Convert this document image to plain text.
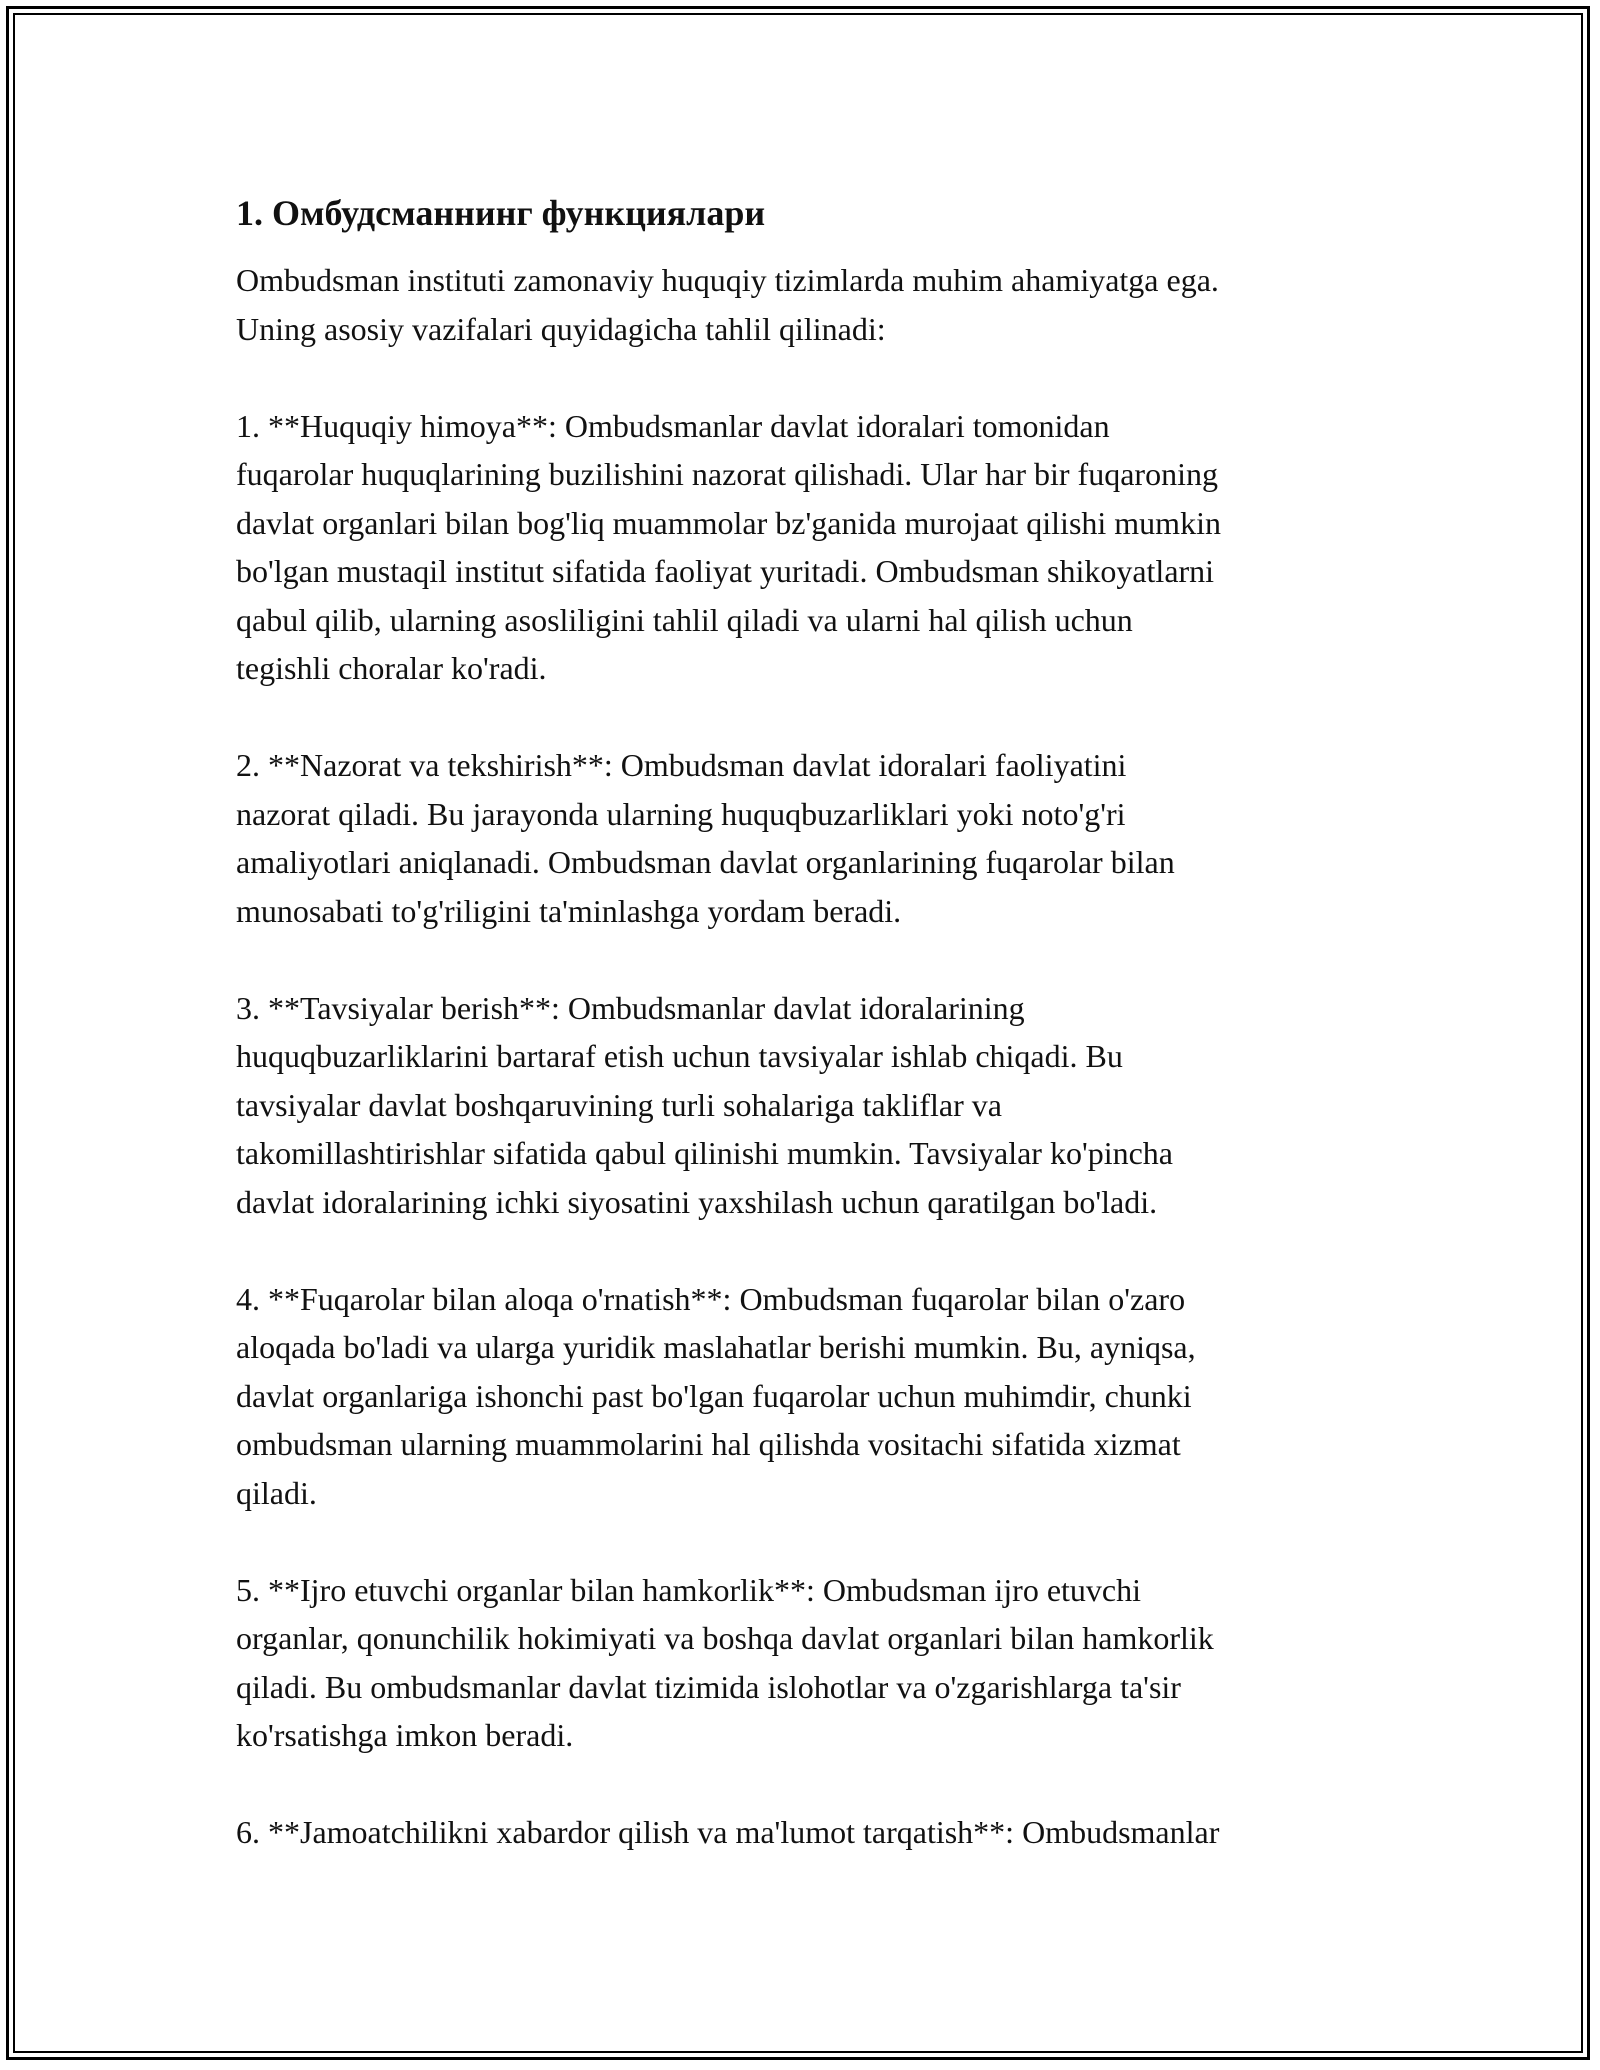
1. Омбудсманнинг функциялари

Ombudsman instituti zamonaviy huquqiy tizimlarda muhim ahamiyatga ega.
Uning asosiy vazifalari quyidagicha tahlil qilinadi:

1. **Huquqiy himoya**: Ombudsmanlar davlat idoralari tomonidan
fuqarolar huquqlarining buzilishini nazorat qilishadi. Ular har bir fuqaroning
davlat organlari bilan bog'liq muammolar bz'ganida murojaat qilishi mumkin
bo'lgan mustaqil institut sifatida faoliyat yuritadi. Ombudsman shikoyatlarni
qabul qilib, ularning asosliligini tahlil qiladi va ularni hal qilish uchun
tegishli choralar ko'radi.

2. **Nazorat va tekshirish**: Ombudsman davlat idoralari faoliyatini
nazorat qiladi. Bu jarayonda ularning huquqbuzarliklari yoki noto'g'ri
amaliyotlari aniqlanadi. Ombudsman davlat organlarining fuqarolar bilan
munosabati to'g'riligini ta'minlashga yordam beradi.

3. **Tavsiyalar berish**: Ombudsmanlar davlat idoralarining
huquqbuzarliklarini bartaraf etish uchun tavsiyalar ishlab chiqadi. Bu
tavsiyalar davlat boshqaruvining turli sohalariga takliflar va
takomillashtirishlar sifatida qabul qilinishi mumkin. Tavsiyalar ko'pincha
davlat idoralarining ichki siyosatini yaxshilash uchun qaratilgan bo'ladi.

4. **Fuqarolar bilan aloqa o'rnatish**: Ombudsman fuqarolar bilan o'zaro
aloqada bo'ladi va ularga yuridik maslahatlar berishi mumkin. Bu, ayniqsa,
davlat organlariga ishonchi past bo'lgan fuqarolar uchun muhimdir, chunki
ombudsman ularning muammolarini hal qilishda vositachi sifatida xizmat
qiladi.

5. **Ijro etuvchi organlar bilan hamkorlik**: Ombudsman ijro etuvchi
organlar, qonunchilik hokimiyati va boshqa davlat organlari bilan hamkorlik
qiladi. Bu ombudsmanlar davlat tizimida islohotlar va o'zgarishlarga ta'sir
ko'rsatishga imkon beradi.

6. **Jamoatchilikni xabardor qilish va ma'lumot tarqatish**: Ombudsmanlar
